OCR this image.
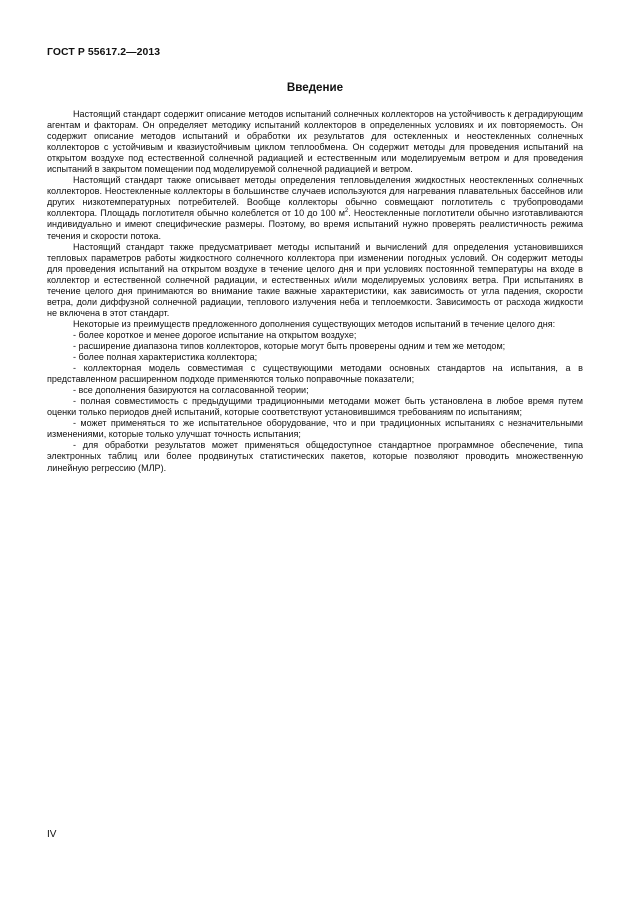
ГОСТ Р 55617.2—2013
Введение

Настоящий стандарт содержит описание методов испытаний солнечных коллекторов на устойчивость к деградирующим агентам и факторам. Он определяет методику испытаний коллекторов в определенных условиях и их повторяемость. Он содержит описание методов испытаний и обработки их результатов для остекленных и неостекленных солнечных коллекторов с устойчивым и квазиустойчивым циклом теплообмена. Он содержит методы для проведения испытаний на открытом воздухе под естественной солнечной радиацией и естественным или моделируемым ветром и для проведения испытаний в закрытом помещении под моделируемой солнечной радиацией и ветром.

Настоящий стандарт также описывает методы определения тепловыделения жидкостных неостекленных солнечных коллекторов. Неостекленные коллекторы в большинстве случаев используются для нагревания плавательных бассейнов или других низкотемпературных потребителей. Вообще коллекторы обычно совмещают поглотитель с трубопроводами коллектора. Площадь поглотителя обычно колеблется от 10 до 100 $м^2$. Неостекленные поглотители обычно изготавливаются индивидуально и имеют специфические размеры. Поэтому, во время испытаний нужно проверять реалистичность режима течения и скорости потока.

Настоящий стандарт также предусматривает методы испытаний и вычислений для определения установившихся тепловых параметров работы жидкостного солнечного коллектора при изменении погодных условий. Он содержит методы для проведения испытаний на открытом воздухе в течение целого дня и при условиях постоянной температуры на входе в коллектор и естественной солнечной радиации, и естественных и/или моделируемых условиях ветра. При испытаниях в течение целого дня принимаются во внимание такие важные характеристики, как зависимость от угла падения, скорости ветра, доли диффузной солнечной радиации, теплового излучения неба и теплоемкости. Зависимость от расхода жидкости не включена в этот стандарт.

Некоторые из преимуществ предложенного дополнения существующих методов испытаний в течение целого дня:

- более короткое и менее дорогое испытание на открытом воздухе;

- расширение диапазона типов коллекторов, которые могут быть проверены одним и тем же методом;

- более полная характеристика коллектора;

- коллекторная модель совместимая с существующими методами основных стандартов на испытания, а в представленном расширенном подходе применяются только поправочные показатели;

- все дополнения базируются на согласованной теории;

- полная совместимость с предыдущими традиционными методами может быть установлена в любое время путем оценки только периодов дней испытаний, которые соответствуют установившимся требованиям по испытаниям;

- может применяться то же испытательное оборудование, что и при традиционных испытаниях с незначительными изменениями, которые только улучшат точность испытания;

- для обработки результатов может применяться общедоступное стандартное программное обеспечение, типа электронных таблиц или более продвинутых статистических пакетов, которые позволяют проводить множественную линейную регрессию (МЛР).

IV
